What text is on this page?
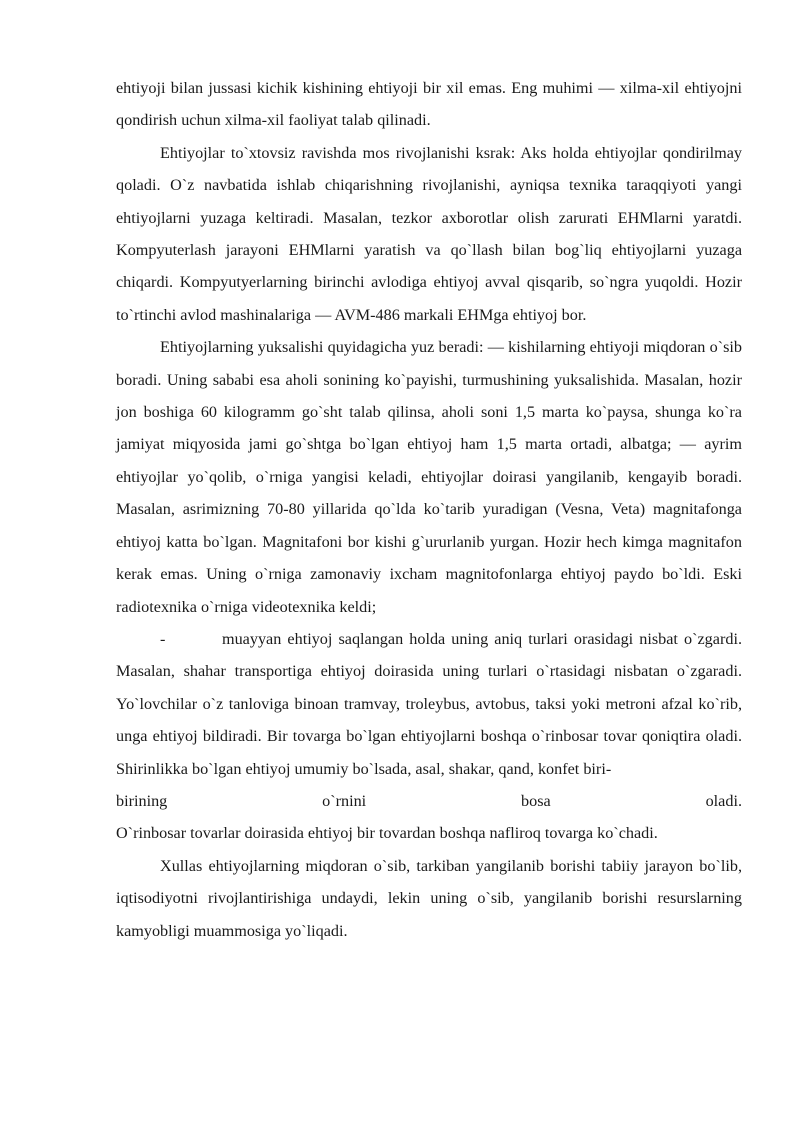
ehtiyoji bilan jussasi kichik kishining ehtiyoji bir xil emas. Eng muhimi — xilma-xil ehtiyojni qondirish uchun xilma-xil faoliyat talab qilinadi.

Ehtiyojlar to`xtovsiz ravishda mos rivojlanishi ksrak: Aks holda ehtiyojlar qondirilmay qoladi. O`z navbatida ishlab chiqarishning rivojlanishi, ayniqsa texnika taraqqiyoti yangi ehtiyojlarni yuzaga keltiradi. Masalan, tezkor axborotlar olish zarurati EHMlarni yaratdi. Kompyuterlash jarayoni EHMlarni yaratish va qo`llash bilan bog`liq ehtiyojlarni yuzaga chiqardi. Kompyutyerlarning birinchi avlodiga ehtiyoj avval qisqarib, so`ngra yuqoldi. Hozir to`rtinchi avlod mashinalariga — AVM-486 markali EHMga ehtiyoj bor.

Ehtiyojlarning yuksalishi quyidagicha yuz beradi: — kishilarning ehtiyoji miqdoran o`sib boradi. Uning sababi esa aholi sonining ko`payishi, turmushining yuksalishida. Masalan, hozir jon boshiga 60 kilogramm go`sht talab qilinsa, aholi soni 1,5 marta ko`paysa, shunga ko`ra jamiyat miqyosida jami go`shtga bo`lgan ehtiyoj ham 1,5 marta ortadi, albatga; — ayrim ehtiyojlar yo`qolib, o`rniga yangisi keladi, ehtiyojlar doirasi yangilanib, kengayib boradi. Masalan, asrimizning 70-80 yillarida qo`lda ko`tarib yuradigan (Vesna, Veta) magnitafonga ehtiyoj katta bo`lgan. Magnitafoni bor kishi g`ururlanib yurgan. Hozir hech kimga magnitafon kerak emas. Uning o`rniga zamonaviy ixcham magnitofonlarga ehtiyoj paydo bo`ldi. Eski radiotexnika o`rniga videotexnika keldi;

-	muayyan ehtiyoj saqlangan holda uning aniq turlari orasidagi nisbat o`zgardi. Masalan, shahar transportiga ehtiyoj doirasida uning turlari o`rtasidagi nisbatan o`zgaradi. Yo`lovchilar o`z tanloviga binoan tramvay, troleybus, avtobus, taksi yoki metroni afzal ko`rib, unga ehtiyoj bildiradi. Bir tovarga bo`lgan ehtiyojlarni boshqa o`rinbosar tovar qoniqtira oladi. Shirinlikka bo`lgan ehtiyoj umumiy bo`lsada, asal, shakar, qand, konfet biri-
birining o`rnini bosa oladi.
O`rinbosar tovarlar doirasida ehtiyoj bir tovardan boshqa nafliroq tovarga ko`chadi.

Xullas ehtiyojlarning miqdoran o`sib, tarkiban yangilanib borishi tabiiy jarayon bo`lib, iqtisodiyotni rivojlantirishiga undaydi, lekin uning o`sib, yangilanib borishi resurslarning kamyobligi muammosiga yo`liqadi.
